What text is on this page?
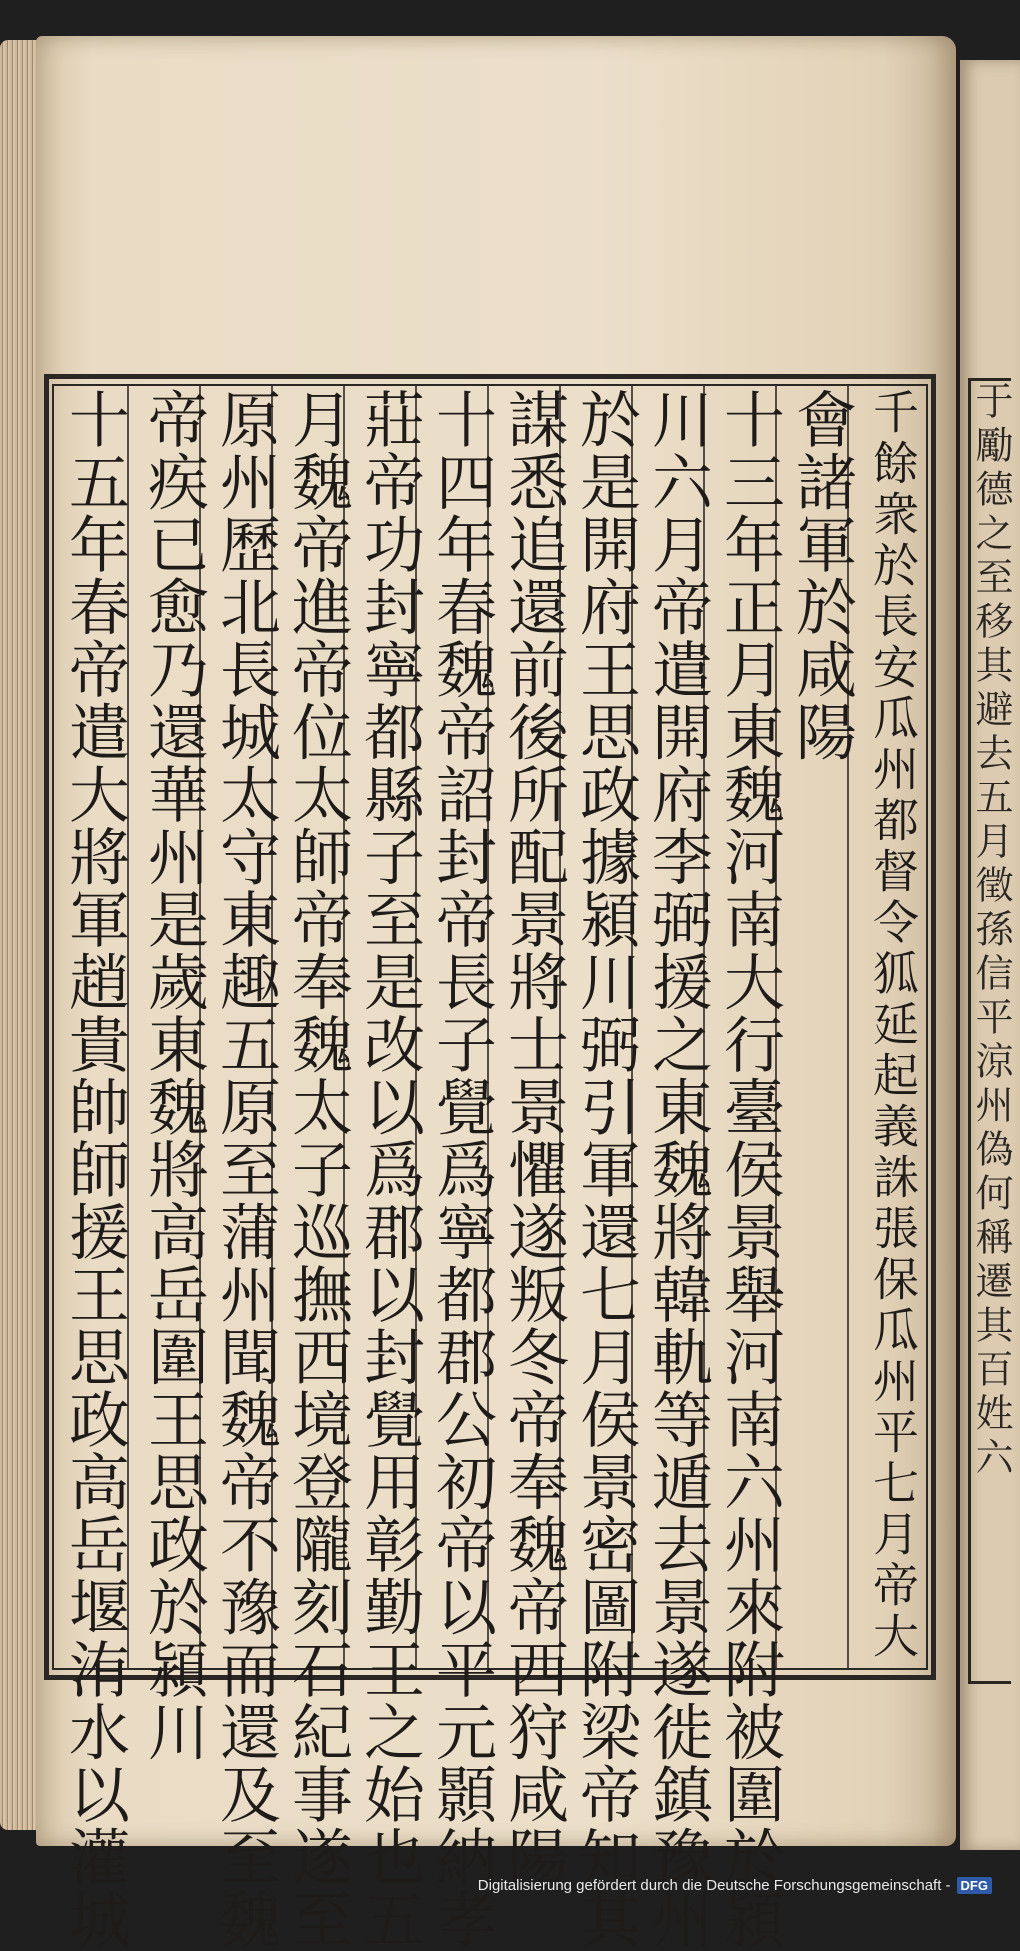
于勵德之至移其避去五月徵孫信平涼州偽何稱遷其百姓六
千餘衆於長安瓜州都督令狐延起義誅張保瓜州平七月帝大
會諸軍於咸陽
十三年正月東魏河南大行臺侯景舉河南六州來附被圍於潁
川六月帝遣開府李弼援之東魏將韓軌等遁去景遂徙鎮豫州
於是開府王思政據潁川弼引軍還七月侯景密圖附梁帝知其
謀悉追還前後所配景將士景懼遂叛冬帝奉魏帝西狩咸陽
十四年春魏帝詔封帝長子覺爲寧都郡公初帝以平元顥納孝
莊帝功封寧都縣子至是改以爲郡以封覺用彰勤王之始也五
月魏帝進帝位太師帝奉魏太子巡撫西境登隴刻石紀事遂至
原州歷北長城太守東趣五原至蒲州聞魏帝不豫而還及至魏
帝疾已愈乃還華州是歲東魏將高岳圍王思政於潁川
十五年春帝遣大將軍趙貴帥師援王思政高岳堰洧水以灌城	Digitalisierung gefördert durch die Deutsche Forschungsgemeinschaft - DFG
